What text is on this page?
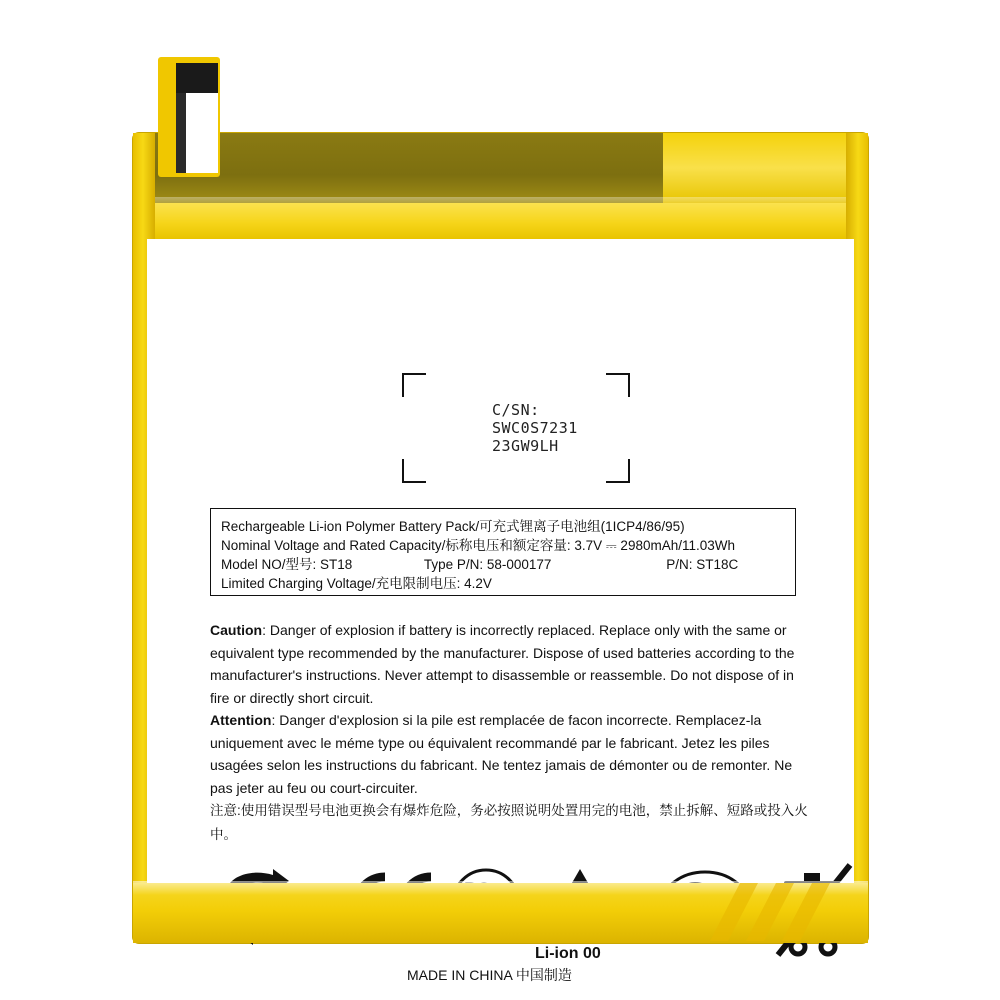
C/SN:
SWC0S7231
23GW9LH
Rechargeable Li-ion Polymer Battery Pack/可充式锂离子电池组(1ICP4/86/95)
Nominal Voltage and Rated Capacity/标称电压和额定容量: 3.7V ⎓ 2980mAh/11.03Wh
Model NO/型号: ST18	Type P/N: 58-000177	P/N: ST18C
Limited Charging Voltage/充电限制电压: 4.2V
Caution: Danger of explosion if battery is incorrectly replaced. Replace only with the same or equivalent type recommended by the manufacturer. Dispose of used batteries according to the manufacturer's instructions. Never attempt to disassemble or reassemble. Do not dispose of in fire or directly short circuit.
Attention: Danger d'explosion si la pile est remplacée de facon incorrecte. Remplacez-la uniquement avec le méme type ou équivalent recommandé par le fabricant. Jetez les piles usagées selon les instructions du fabricant. Ne tentez jamais de démonter ou de remonter. Ne pas jeter au feu ou court-circuiter.
注意:使用错误型号电池更换会有爆炸危险，务必按照说明处置用完的电池，禁止拆解、短路或投入火中。
Li-ion 00
MADE IN CHINA 中国制造
